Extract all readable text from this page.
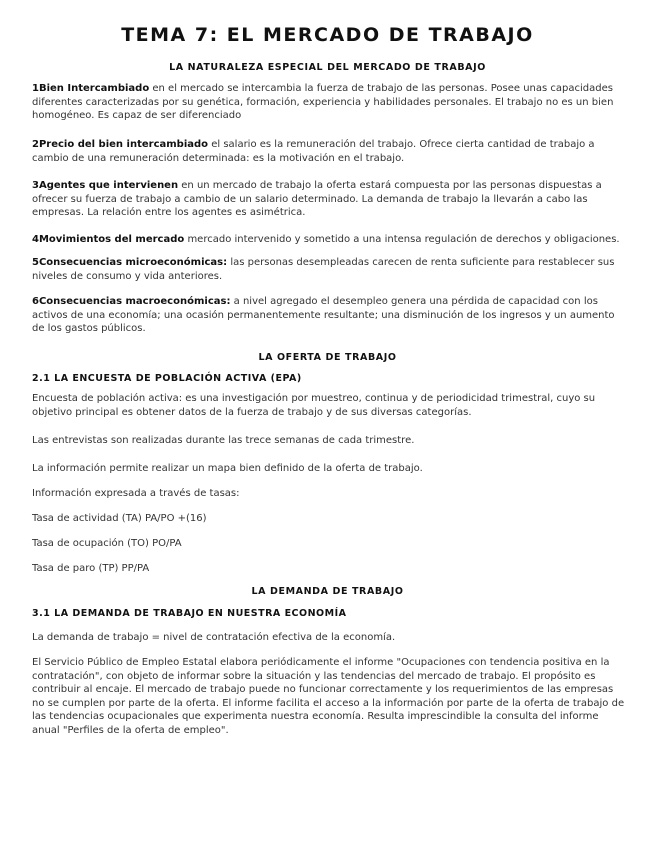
TEMA 7: EL MERCADO DE TRABAJO
LA NATURALEZA ESPECIAL DEL MERCADO DE TRABAJO
1Bien Intercambiado en el mercado se intercambia la fuerza de trabajo de las personas. Posee unas capacidades diferentes caracterizadas por su genética, formación, experiencia y habilidades personales. El trabajo no es un bien homogéneo. Es capaz de ser diferenciado
2Precio del bien intercambiado el salario es la remuneración del trabajo. Ofrece cierta cantidad de trabajo a cambio de una remuneración determinada: es la motivación en el trabajo.
3Agentes que intervienen en un mercado de trabajo la oferta estará compuesta por las personas dispuestas a ofrecer su fuerza de trabajo a cambio de un salario determinado. La demanda de trabajo la llevarán a cabo las empresas. La relación entre los agentes es asimétrica.
4Movimientos del mercado mercado intervenido y sometido a una intensa regulación de derechos y obligaciones.
5Consecuencias microeconómicas: las personas desempleadas carecen de renta suficiente para restablecer sus niveles de consumo y vida anteriores.
6Consecuencias macroeconómicas: a nivel agregado el desempleo genera una pérdida de capacidad con los activos de una economía; una ocasión permanentemente resultante; una disminución de los ingresos y un aumento de los gastos públicos.
LA OFERTA DE TRABAJO
2.1 LA ENCUESTA DE POBLACIÓN ACTIVA (EPA)
Encuesta de población activa: es una investigación por muestreo, continua y de periodicidad trimestral, cuyo su objetivo principal es obtener datos de la fuerza de trabajo y de sus diversas categorías.
Las entrevistas son realizadas durante las trece semanas de cada trimestre.
La información permite realizar un mapa bien definido de la oferta de trabajo.
Información expresada a través de tasas:
Tasa de actividad (TA) PA/PO +(16)
Tasa de ocupación (TO) PO/PA
Tasa de paro (TP) PP/PA
LA DEMANDA DE TRABAJO
3.1 LA DEMANDA DE TRABAJO EN NUESTRA ECONOMÍA
La demanda de trabajo = nivel de contratación efectiva de la economía.
El Servicio Público de Empleo Estatal elabora periódicamente el informe "Ocupaciones con tendencia positiva en la contratación", con objeto de informar sobre la situación y las tendencias del mercado de trabajo. El propósito es contribuir al encaje. El mercado de trabajo puede no funcionar correctamente y los requerimientos de las empresas no se cumplen por parte de la oferta. El informe facilita el acceso a la información por parte de la oferta de trabajo de las tendencias ocupacionales que experimenta nuestra economía. Resulta imprescindible la consulta del informe anual "Perfiles de la oferta de empleo".
